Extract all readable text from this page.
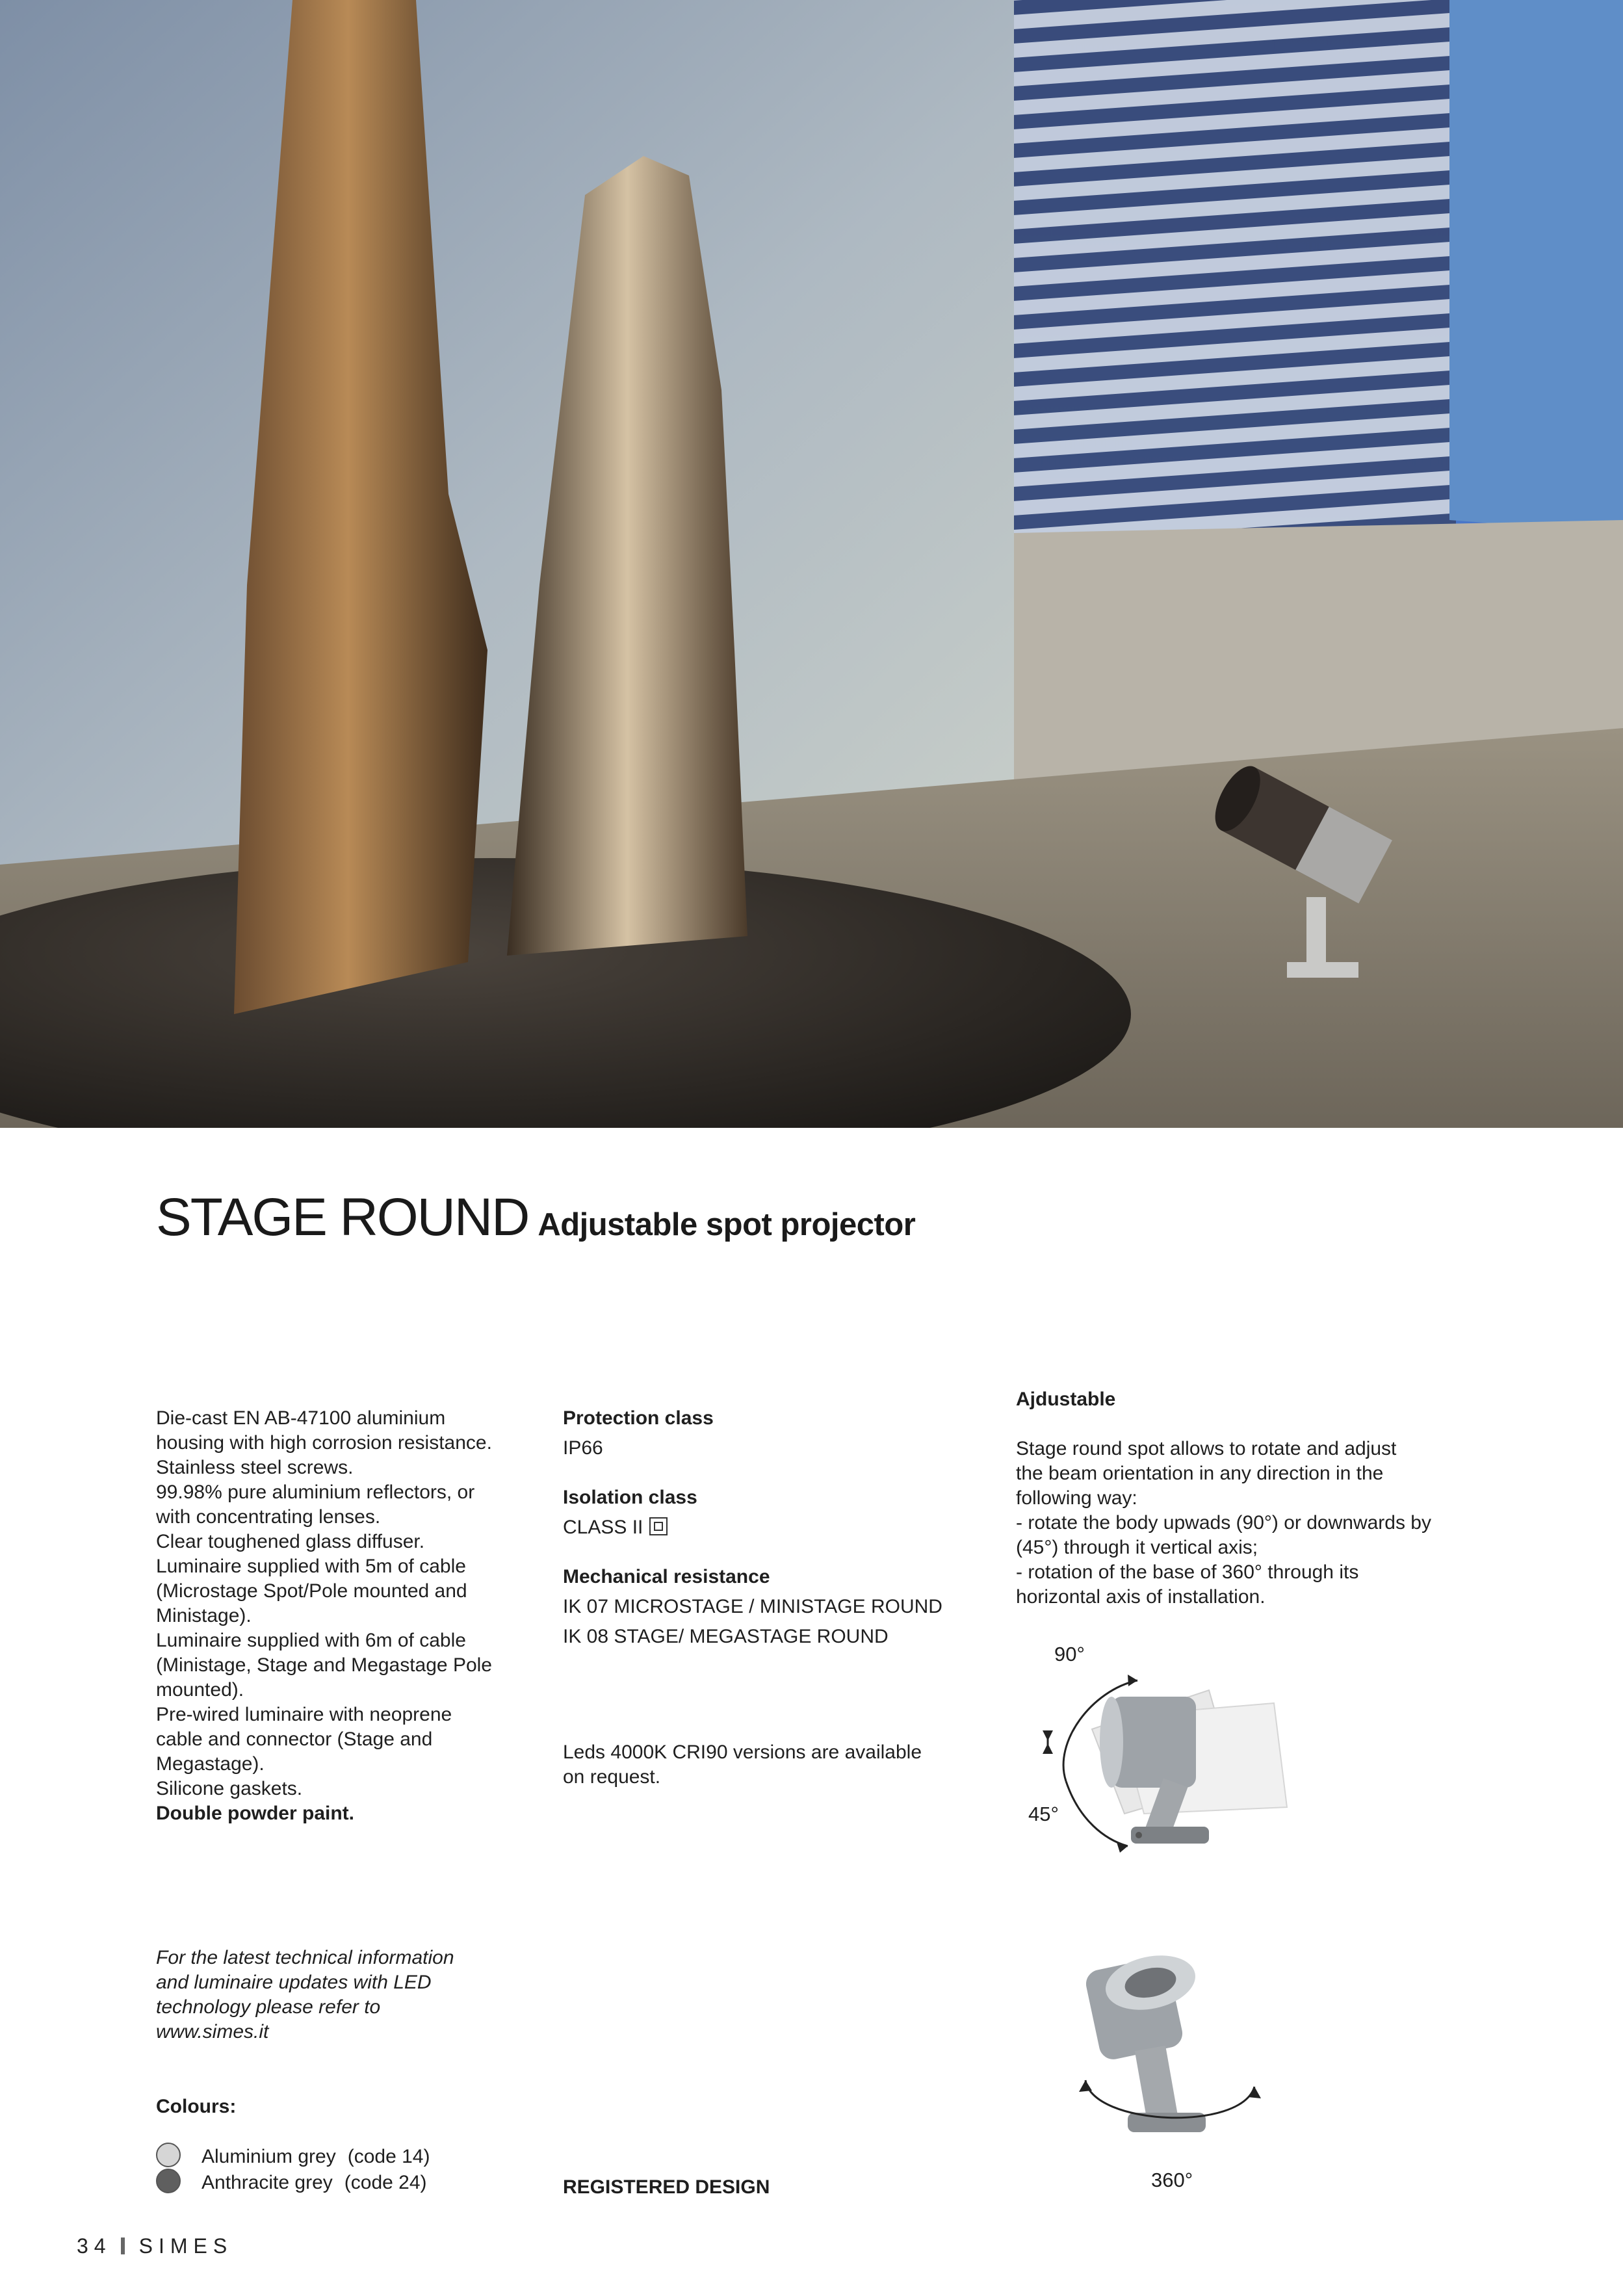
STAGE ROUND Adjustable spot projector
Die-cast EN AB-47100 aluminium
housing with high corrosion resistance.
Stainless steel screws.
99.98% pure aluminium reflectors, or
with concentrating lenses.
Clear toughened glass diffuser.
Luminaire supplied with 5m of cable
(Microstage Spot/Pole mounted and
Ministage).
Luminaire supplied with 6m of cable
(Ministage, Stage and Megastage Pole
mounted).
Pre-wired luminaire with neoprene
cable and connector (Stage and
Megastage).
Silicone gaskets.
Double powder paint.
Protection class
IP66
Isolation class
CLASS II
Mechanical resistance
IK 07 MICROSTAGE / MINISTAGE ROUND
IK 08 STAGE/ MEGASTAGE ROUND
Leds 4000K CRI90 versions are available
on request.
Ajdustable
Stage round spot allows to rotate and adjust
the beam orientation in any direction in the
following way:
- rotate the body upwads (90°) or downwards by
(45°) through it vertical axis;
- rotation of the base of 360° through its
horizontal axis of installation.
90°
45°
360°
For the latest technical information
and luminaire updates with LED
technology please refer to
www.simes.it
Colours:
Aluminium grey (code 14)
Anthracite grey (code 24)	REGISTERED DESIGN
34 SIMES
